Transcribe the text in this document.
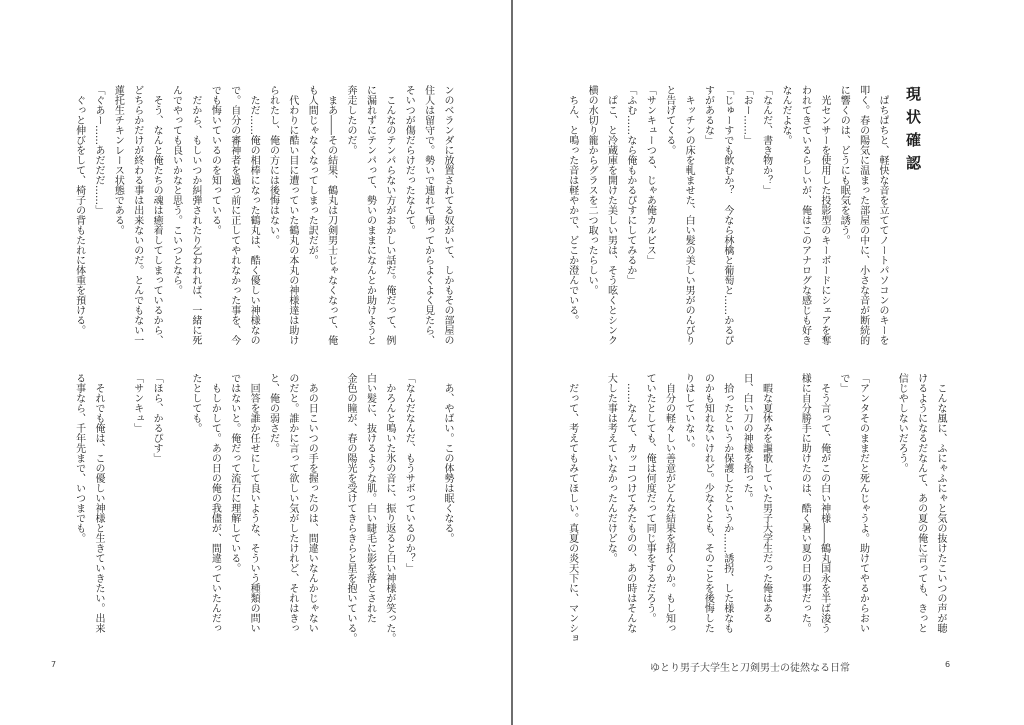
現状確認
　ぱちぱちと、軽快な音を立ててノートパソコンのキーを
叩く。春の陽気に温まった部屋の中に、小さな音が断続的
に響くのは、どうにも眠気を誘う。
　光センサーを使用した投影型のキーボードにシェアを奪
われてきているらしいが、俺はこのアナログな感じも好き
なんだよな。
「なんだ、書き物か？」
「おー……」
「じゅーすでも飲むか？　今なら林檎と葡萄と……かるぴ
すがあるな」
　キッチンの床を軋ませた、白い髪の美しい男がのんびり
と告げてくる。
「サンキューつる、じゃあ俺カルピス」
「ふむ……なら俺もかるぴすにしてみるか」
　ぱこ、と冷蔵庫を開けた美しい男は、そう呟くとシンク
横の水切り籠からグラスを二つ取ったらしい。
　ちん、と鳴った音は軽やかで、どこか澄んでいる。
　こんな風に、ふにゃふにゃと気の抜けたこいつの声が聴
けるようになるだなんて、あの夏の俺に言っても、きっと
信じやしないだろう。
「アンタそのままだと死んじゃうよ。助けてやるからおい
で」
　そう言って、俺がこの白い神様――鶴丸国永を半ば浚う
様に自分勝手に助けたのは、酷く暑い夏の日の事だった。
　暇な夏休みを謳歌していた男子大学生だった俺はある
日、白い刀の神様を拾った。
　拾ったというか保護したというか……誘拐、した様なも
のかも知れないけれど。少なくとも、そのことを後悔した
りはしていない。
　自分の軽々しい善意がどんな結果を招くのか。もし知っ
ていたとしても、俺は何度だって同じ事をするだろう。
　……なんて、カッコつけてみたものの、あの時はそんな
大した事は考えていなかったんだけどな。
　だって、考えてもみてほしい。真夏の炎天下に、マンショ
ゆとり男子大学生と刀剣男士の徒然なる日常	6
ンのベランダに放置されてる奴がいて、しかもその部屋の
住人は留守で。勢いで連れて帰ってからよくよく見たら、
そいつが傷だらけだったなんて。
　こんなのテンパらない方がおかしい話だ。俺だって、例
に漏れずにテンパって、勢いのままになんとか助けようと
奔走したのだ。
　まあ――その結果、鶴丸は刀剣男士じゃなくなって、俺
も人間じゃなくなってしまった訳だが。
　代わりに酷い目に遭っていた鶴丸の本丸の神様達は助け
られたし、俺の方には後悔はない。
　ただ……俺の相棒になった鶴丸は、酷く優しい神様なの
で。自分の審神者を過つ前に正してやれなかった事を、今
でも悔いているのを知っている。
　だから、もしいつか糾弾されたり乞われれば、一緒に死
んでやっても良いかなと思う。こいつとなら。
　そう、なんと俺たちの魂は癒着してしまっているから、
どちらかだけが終わる事は出来ないのだ。とんでもない一
蓮托生チキンレース状態である。
「ぐあー……あだだだ……」
　ぐっと伸びをして、椅子の背もたれに体重を預ける。
　あ、やばい。この体勢は眠くなる。
「なんだなんだ、もうサボっているのか？」
　かろんと鳴いた氷の音に、振り返ると白い神様が笑った。
白い髪に、抜けるような肌。白い睫毛に影を落とされた
金色の瞳が、春の陽光を受けてきらきらと星を抱いている。
　あの日こいつの手を握ったのは、間違いなんかじゃない
のだと。誰かに言って欲しい気がしたけれど、それはきっ
と、俺の弱さだ。
　回答を誰か任せにして良いような、そういう種類の問い
ではないと。俺だって流石に理解している。
　もしかして。あの日の俺の我儘が、間違っていたんだっ
たとしても。
「ほら、かるぴす」
「サンキュ」
　それでも俺は、この優しい神様と生きていきたい。出来
る事なら、千年先まで、いつまでも。
7
